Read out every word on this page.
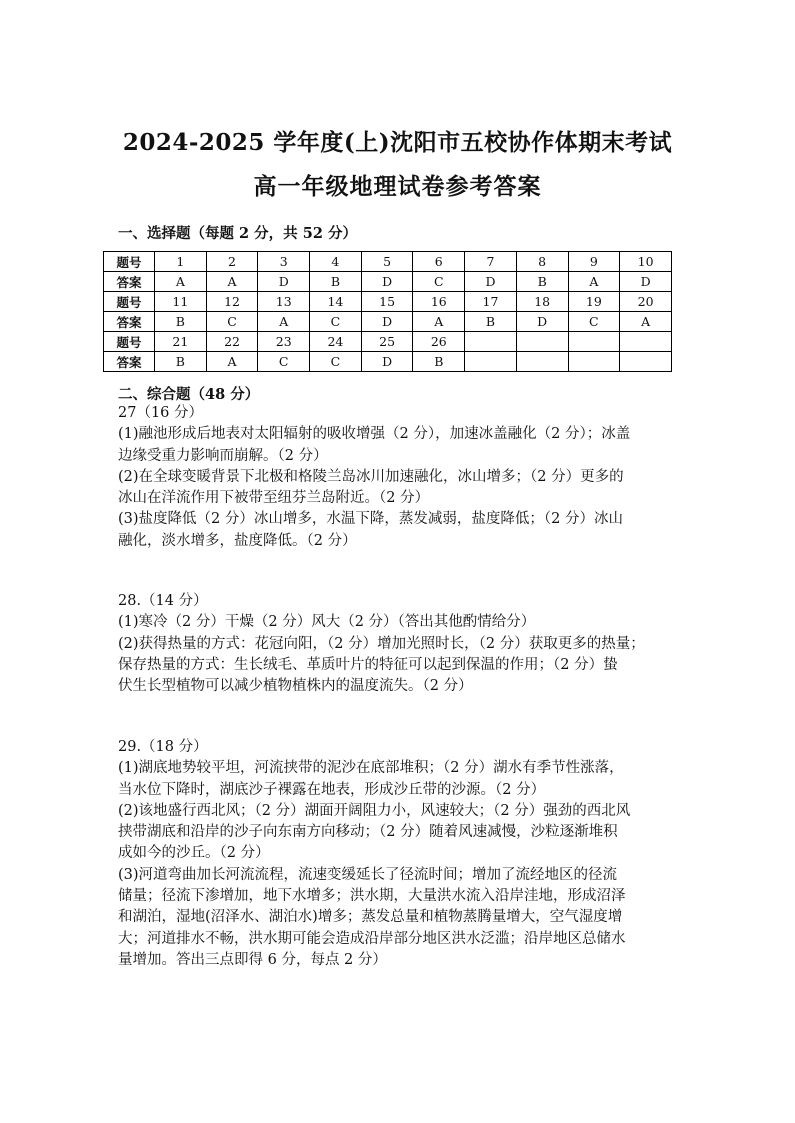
2024-2025 学年度(上)沈阳市五校协作体期末考试
高一年级地理试卷参考答案
一、选择题（每题 2 分，共 52 分）
题号	1	2	3	4	5	6	7	8	9	10
答案	A	A	D	B	D	C	D	B	A	D
题号	11	12	13	14	15	16	17	18	19	20
答案	B	C	A	C	D	A	B	D	C	A
题号	21	22	23	24	25	26				
答案	B	A	C	C	D	B				
二、综合题（48 分）
27（16 分）
(1)融池形成后地表对太阳辐射的吸收增强（2 分），加速冰盖融化（2 分）；冰盖
边缘受重力影响而崩解。（2 分）
(2)在全球变暖背景下北极和格陵兰岛冰川加速融化，冰山增多；（2 分）更多的
冰山在洋流作用下被带至纽芬兰岛附近。（2 分）
(3)盐度降低（2 分）冰山增多，水温下降，蒸发减弱，盐度降低；（2 分）冰山
融化，淡水增多，盐度降低。（2 分）
28.（14 分）
(1)寒冷（2 分）干燥（2 分）风大（2 分）（答出其他酌情给分）
(2)获得热量的方式：花冠向阳，（2 分）增加光照时长，（2 分）获取更多的热量；
保存热量的方式：生长绒毛、革质叶片的特征可以起到保温的作用；（2 分）蛰
伏生长型植物可以减少植物植株内的温度流失。（2 分）
29.（18 分）
(1)湖底地势较平坦，河流挟带的泥沙在底部堆积；（2 分）湖水有季节性涨落，
当水位下降时，湖底沙子裸露在地表，形成沙丘带的沙源。（2 分）
(2)该地盛行西北风；（2 分）湖面开阔阻力小，风速较大；（2 分）强劲的西北风
挟带湖底和沿岸的沙子向东南方向移动；（2 分）随着风速减慢，沙粒逐渐堆积
成如今的沙丘。（2 分）
(3)河道弯曲加长河流流程，流速变缓延长了径流时间；增加了流经地区的径流
储量；径流下渗增加，地下水增多；洪水期，大量洪水流入沿岸洼地，形成沼泽
和湖泊，湿地(沼泽水、湖泊水)增多；蒸发总量和植物蒸腾量增大，空气湿度增
大；河道排水不畅，洪水期可能会造成沿岸部分地区洪水泛滥；沿岸地区总储水
量增加。答出三点即得 6 分，每点 2 分）
